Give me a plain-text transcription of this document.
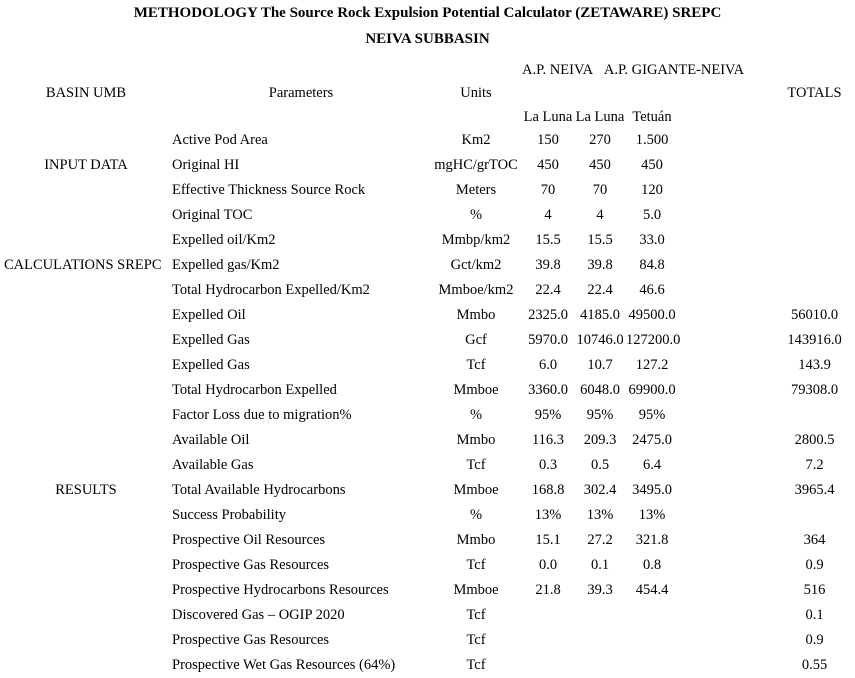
METHODOLOGY The Source Rock Expulsion Potential Calculator (ZETAWARE) SREPC
NEIVA SUBBASIN
			A.P. NEIVA	A.P. GIGANTE-NEIVA			
BASIN UMB	Parameters	Units					TOTALS
			La Luna	La Luna	Tetuán		
	Active Pod Area	Km2	150	270	1.500		
INPUT DATA	Original HI	mgHC/grTOC	450	450	450		
	Effective Thickness Source Rock	Meters	70	70	120		
	Original TOC	%	4	4	5.0		
	Expelled oil/Km2	Mmbp/km2	15.5	15.5	33.0		
CALCULATIONS SREPC	Expelled gas/Km2	Gct/km2	39.8	39.8	84.8		
	Total Hydrocarbon Expelled/Km2	Mmboe/km2	22.4	22.4	46.6		
	Expelled Oil	Mmbo	2325.0	4185.0	49500.0		56010.0
	Expelled Gas	Gcf	5970.0	10746.0	127200.0		143916.0
	Expelled Gas	Tcf	6.0	10.7	127.2		143.9
	Total Hydrocarbon Expelled	Mmboe	3360.0	6048.0	69900.0		79308.0
	Factor Loss due to migration%	%	95%	95%	95%		
	Available Oil	Mmbo	116.3	209.3	2475.0		2800.5
	Available Gas	Tcf	0.3	0.5	6.4		7.2
RESULTS	Total Available Hydrocarbons	Mmboe	168.8	302.4	3495.0		3965.4
	Success Probability	%	13%	13%	13%		
	Prospective Oil Resources	Mmbo	15.1	27.2	321.8		364
	Prospective Gas Resources	Tcf	0.0	0.1	0.8		0.9
	Prospective Hydrocarbons Resources	Mmboe	21.8	39.3	454.4		516
	Discovered Gas – OGIP 2020	Tcf					0.1
	Prospective Gas Resources	Tcf					0.9
	Prospective Wet Gas Resources (64%)	Tcf					0.55
